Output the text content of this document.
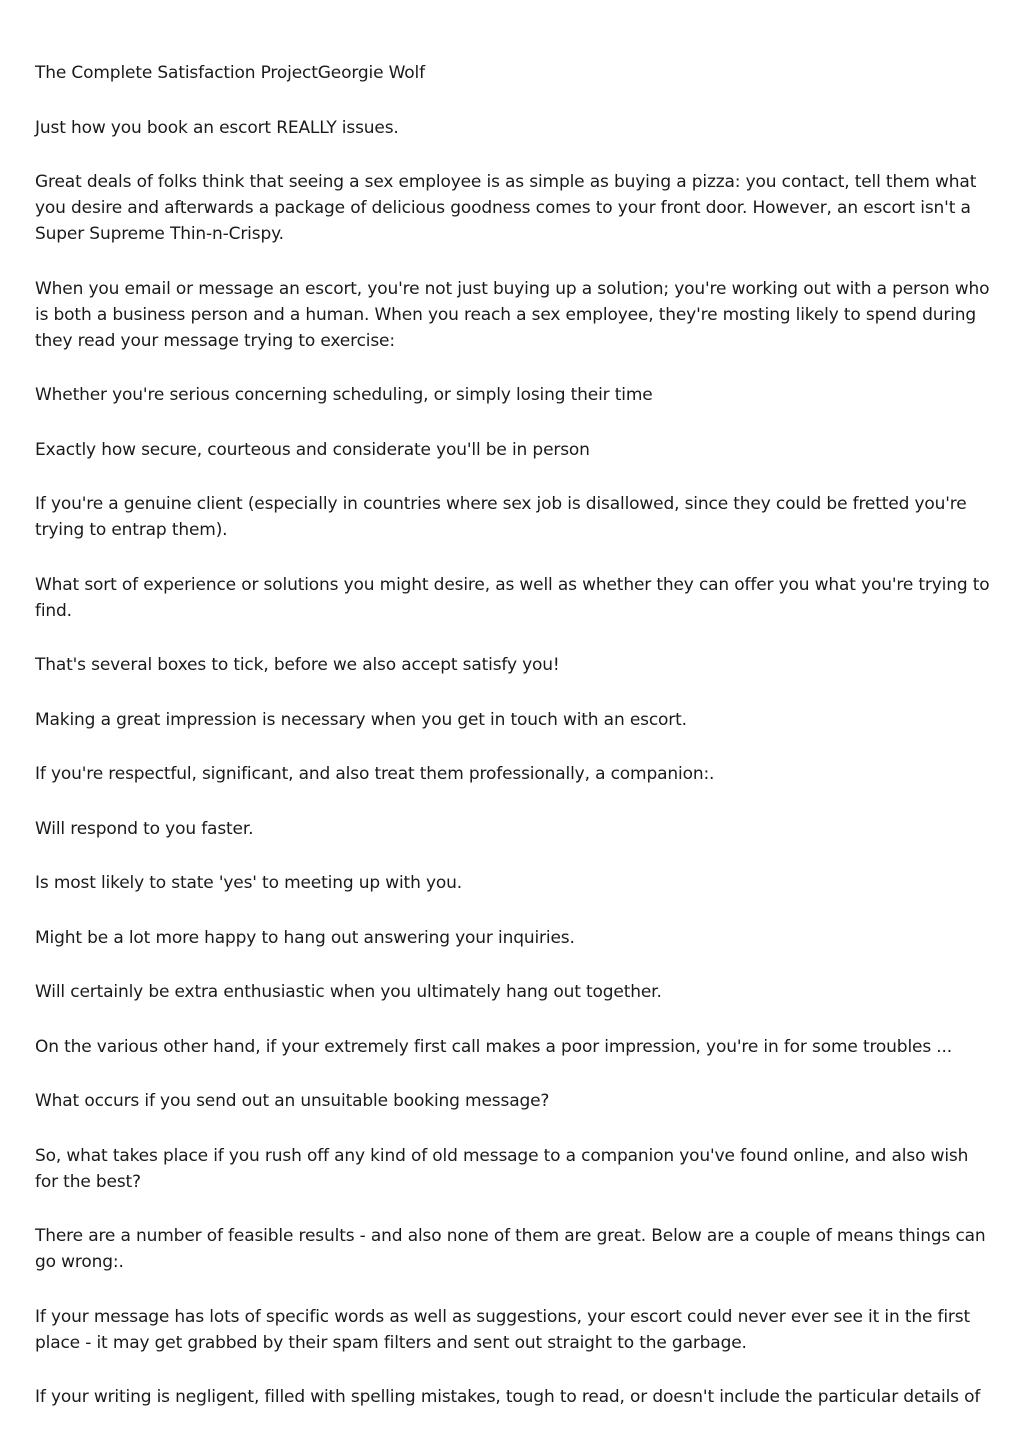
The Complete Satisfaction ProjectGeorgie Wolf

Just how you book an escort REALLY issues.

Great deals of folks think that seeing a sex employee is as simple as buying a pizza: you contact, tell them what you desire and afterwards a package of delicious goodness comes to your front door. However, an escort isn't a Super Supreme Thin-n-Crispy.

When you email or message an escort, you're not just buying up a solution; you're working out with a person who is both a business person and a human. When you reach a sex employee, they're mosting likely to spend during they read your message trying to exercise:

Whether you're serious concerning scheduling, or simply losing their time

Exactly how secure, courteous and considerate you'll be in person

If you're a genuine client (especially in countries where sex job is disallowed, since they could be fretted you're trying to entrap them).

What sort of experience or solutions you might desire, as well as whether they can offer you what you're trying to find.

That's several boxes to tick, before we also accept satisfy you!

Making a great impression is necessary when you get in touch with an escort.

If you're respectful, significant, and also treat them professionally, a companion:.

Will respond to you faster.

Is most likely to state 'yes' to meeting up with you.

Might be a lot more happy to hang out answering your inquiries.

Will certainly be extra enthusiastic when you ultimately hang out together.

On the various other hand, if your extremely first call makes a poor impression, you're in for some troubles ...

What occurs if you send out an unsuitable booking message?

So, what takes place if you rush off any kind of old message to a companion you've found online, and also wish for the best?

There are a number of feasible results - and also none of them are great. Below are a couple of means things can go wrong:.

If your message has lots of specific words as well as suggestions, your escort could never ever see it in the first place - it may get grabbed by their spam filters and sent out straight to the garbage.

If your writing is negligent, filled with spelling mistakes, tough to read, or doesn't include the particular details of
